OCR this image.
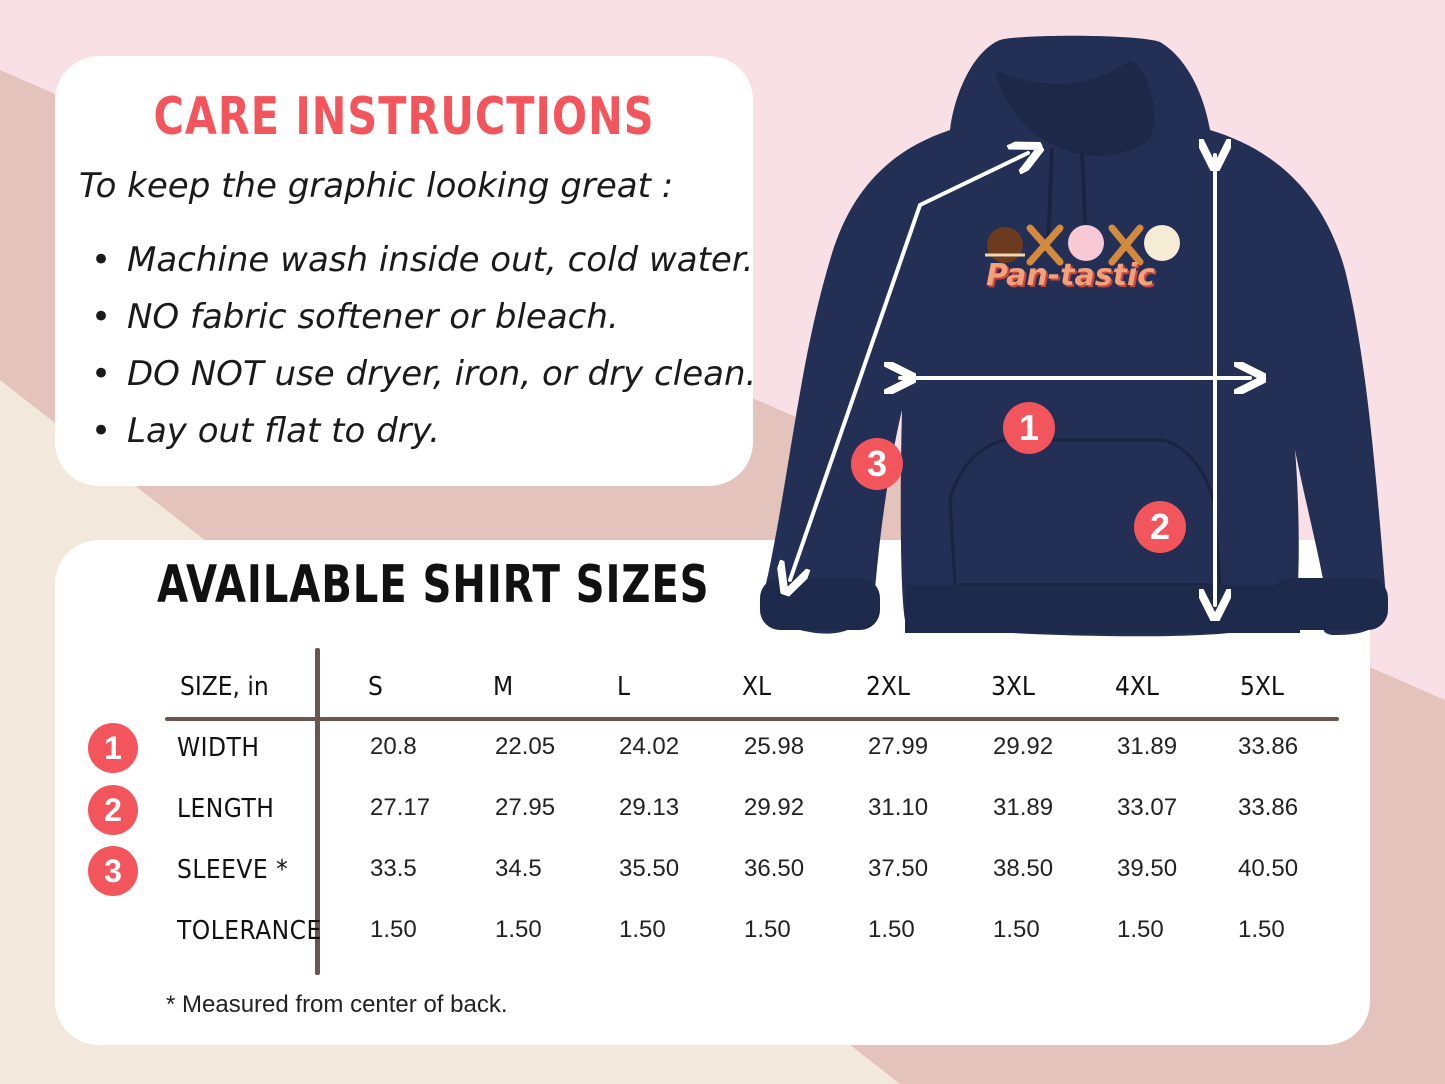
CARE INSTRUCTIONS
To keep the graphic looking great :
• Machine wash inside out, cold water.
• NO fabric softener or bleach.
• DO NOT use dryer, iron, or dry clean.
• Lay out flat to dry.
AVAILABLE SHIRT SIZES
SIZE, in	S	M	L	XL	2XL	3XL	4XL	5XL
1	WIDTH	20.8	22.05	24.02	25.98	27.99	29.92	31.89	33.86
2	LENGTH	27.17	27.95	29.13	29.92	31.10	31.89	33.07	33.86
3	SLEEVE *	33.5	34.5	35.50	36.50	37.50	38.50	39.50	40.50
TOLERANCE 1.50	1.50	1.50	1.50	1.50	1.50	1.50	1.50
* Measured from center of back.
Pan-tastic
1
2
3
